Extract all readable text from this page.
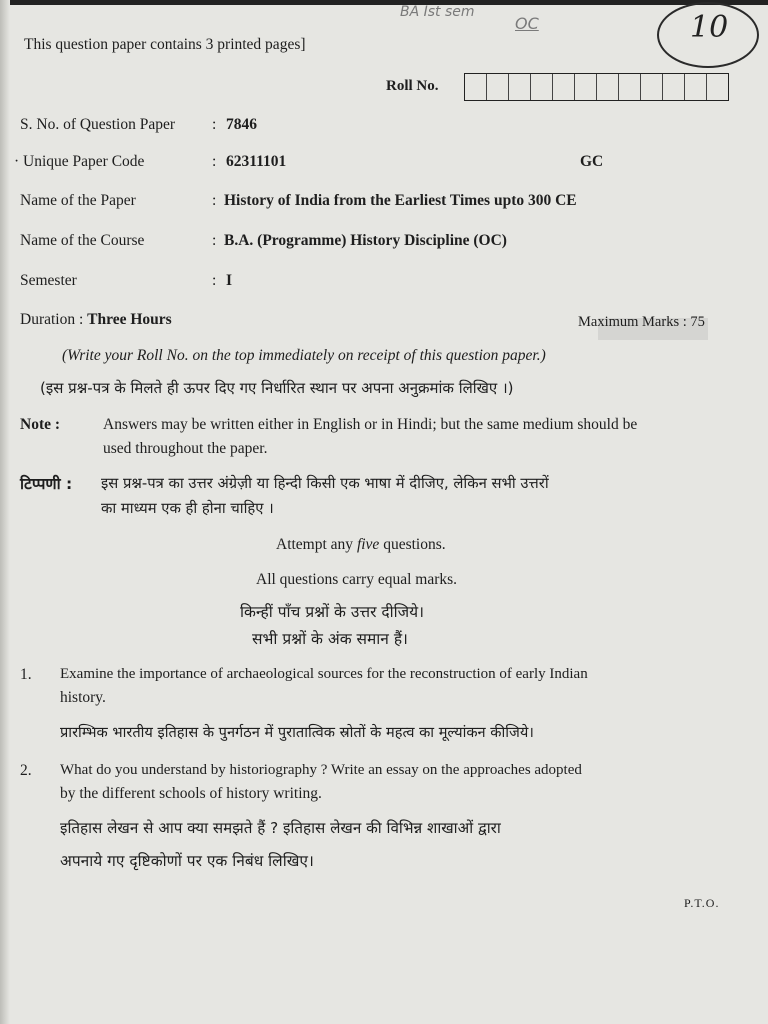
This question paper contains 3 printed pages]
BA Ist sem
OC	10
Roll No.
S. No. of Question Paper : 7846
· Unique Paper Code	: 62311101	GC
Name of the Paper	: History of India from the Earliest Times upto 300 CE
Name of the Course	: B.A. (Programme) History Discipline (OC)
Semester	: I
Duration : Three Hours	Maximum Marks : 75
(Write your Roll No. on the top immediately on receipt of this question paper.)
(इस प्रश्न-पत्र के मिलते ही ऊपर दिए गए निर्धारित स्थान पर अपना अनुक्रमांक लिखिए ।)
Note :	Answers may be written either in English or in Hindi; but the same medium should be
used throughout the paper.
टिप्पणी : इस प्रश्न-पत्र का उत्तर अंग्रेज़ी या हिन्दी किसी एक भाषा में दीजिए, लेकिन सभी उत्तरों
का माध्यम एक ही होना चाहिए ।
Attempt any five questions.
All questions carry equal marks.
किन्हीं पाँच प्रश्नों के उत्तर दीजिये।
सभी प्रश्नों के अंक समान हैं।
1. Examine the importance of archaeological sources for the reconstruction of early Indian
history.
प्रारम्भिक भारतीय इतिहास के पुनर्गठन में पुरातात्विक स्रोतों के महत्व का मूल्यांकन कीजिये।
2. What do you understand by historiography ? Write an essay on the approaches adopted
by the different schools of history writing.
इतिहास लेखन से आप क्या समझते हैं ? इतिहास लेखन की विभिन्न शाखाओं द्वारा
अपनाये गए दृष्टिकोणों पर एक निबंध लिखिए।
P.T.O.
